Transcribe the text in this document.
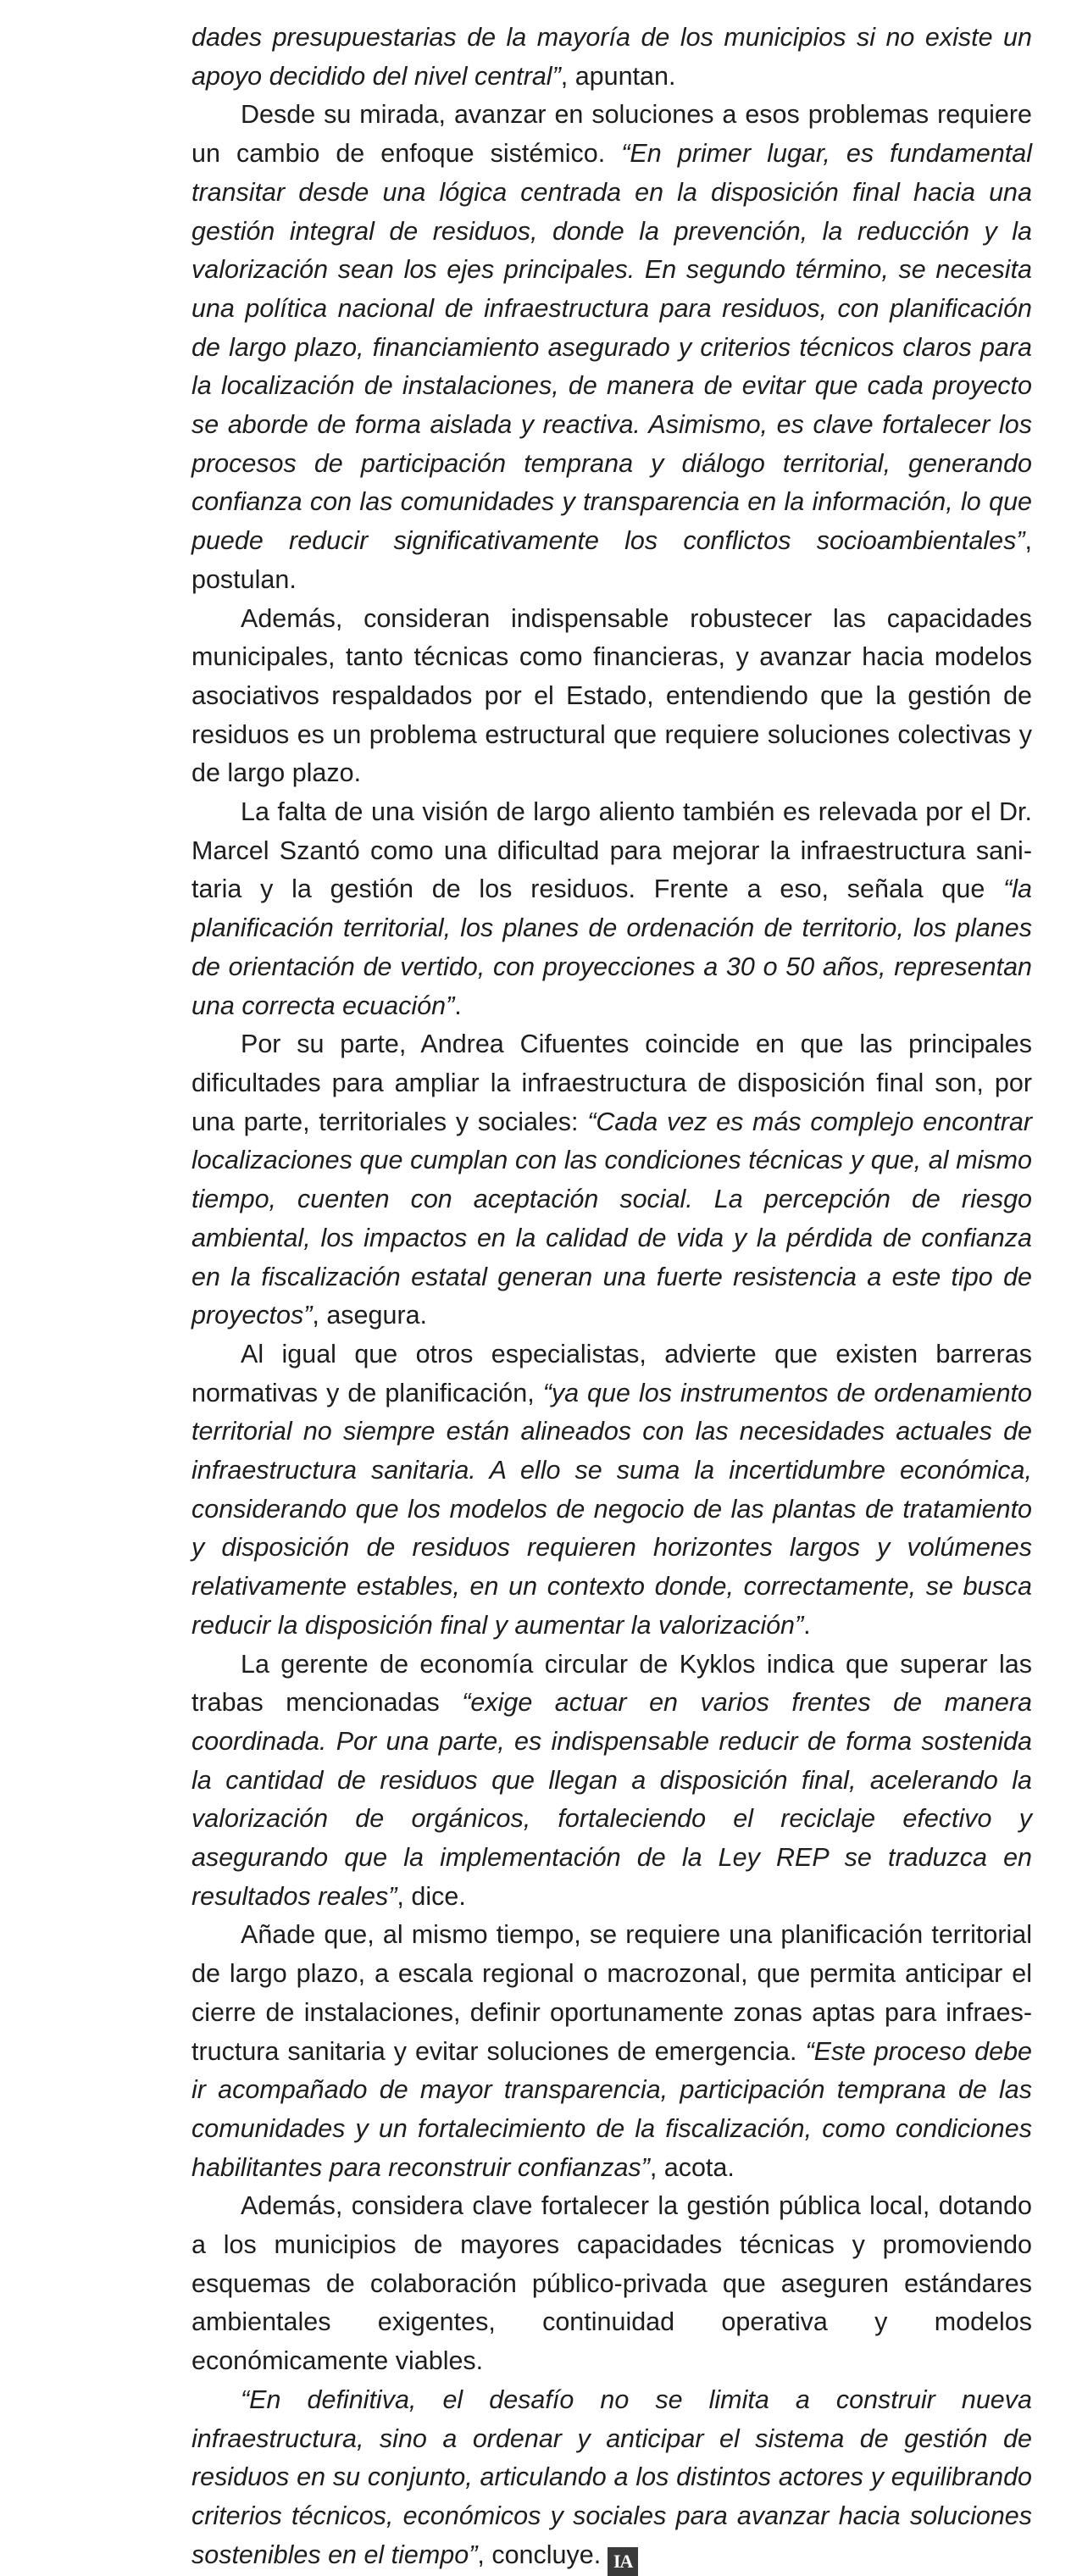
dades presupuestarias de la mayoría de los municipios si no existe un apoyo decidido del nivel central”, apuntan.

Desde su mirada, avanzar en soluciones a esos problemas requiere un cambio de enfoque sistémico. “En primer lugar, es fundamental transitar desde una lógica centrada en la disposición final hacia una gestión integral de residuos, donde la prevención, la reducción y la valorización sean los ejes principales. En segundo término, se necesita una política nacional de infraestructura para residuos, con planificación de largo plazo, financiamiento asegurado y criterios técnicos claros para la localización de instalaciones, de manera de evitar que cada proyecto se aborde de forma aislada y reactiva. Asimismo, es clave fortalecer los procesos de participación temprana y diálogo territorial, generando confianza con las comunidades y transparencia en la información, lo que puede reducir significativamente los conflictos socioambientales”, postulan.

Además, consideran indispensable robustecer las capacidades municipales, tanto técnicas como financieras, y avanzar hacia modelos asociativos respaldados por el Estado, entendiendo que la gestión de residuos es un problema estructural que requiere soluciones colectivas y de largo plazo.

La falta de una visión de largo aliento también es relevada por el Dr. Marcel Szantó como una dificultad para mejorar la infraestructura sanitaria y la gestión de los residuos. Frente a eso, señala que “la planificación territorial, los planes de ordenación de territorio, los planes de orientación de vertido, con proyecciones a 30 o 50 años, representan una correcta ecuación”.

Por su parte, Andrea Cifuentes coincide en que las principales dificultades para ampliar la infraestructura de disposición final son, por una parte, territoriales y sociales: “Cada vez es más complejo encontrar localizaciones que cumplan con las condiciones técnicas y que, al mismo tiempo, cuenten con aceptación social. La percepción de riesgo ambiental, los impactos en la calidad de vida y la pérdida de confianza en la fiscalización estatal generan una fuerte resistencia a este tipo de proyectos”, asegura.

Al igual que otros especialistas, advierte que existen barreras normativas y de planificación, “ya que los instrumentos de ordenamiento territorial no siempre están alineados con las necesidades actuales de infraestructura sanitaria. A ello se suma la incertidumbre económica, considerando que los modelos de negocio de las plantas de tratamiento y disposición de residuos requieren horizontes largos y volúmenes relativamente estables, en un contexto donde, correctamente, se busca reducir la disposición final y aumentar la valorización”.

La gerente de economía circular de Kyklos indica que superar las trabas mencionadas “exige actuar en varios frentes de manera coordinada. Por una parte, es indispensable reducir de forma sostenida la cantidad de residuos que llegan a disposición final, acelerando la valorización de orgánicos, fortaleciendo el reciclaje efectivo y asegurando que la implementación de la Ley REP se traduzca en resultados reales”, dice.

Añade que, al mismo tiempo, se requiere una planificación territorial de largo plazo, a escala regional o macrozonal, que permita anticipar el cierre de instalaciones, definir oportunamente zonas aptas para infraestructura sanitaria y evitar soluciones de emergencia. “Este proceso debe ir acompañado de mayor transparencia, participación temprana de las comunidades y un fortalecimiento de la fiscalización, como condiciones habilitantes para reconstruir confianzas”, acota.

Además, considera clave fortalecer la gestión pública local, dotando a los municipios de mayores capacidades técnicas y promoviendo esquemas de colaboración público-privada que aseguren estándares ambientales exigentes, continuidad operativa y modelos económicamente viables.

“En definitiva, el desafío no se limita a construir nueva infraestructura, sino a ordenar y anticipar el sistema de gestión de residuos en su conjunto, articulando a los distintos actores y equilibrando criterios técnicos, económicos y sociales para avanzar hacia soluciones sostenibles en el tiempo”, concluye. IA
